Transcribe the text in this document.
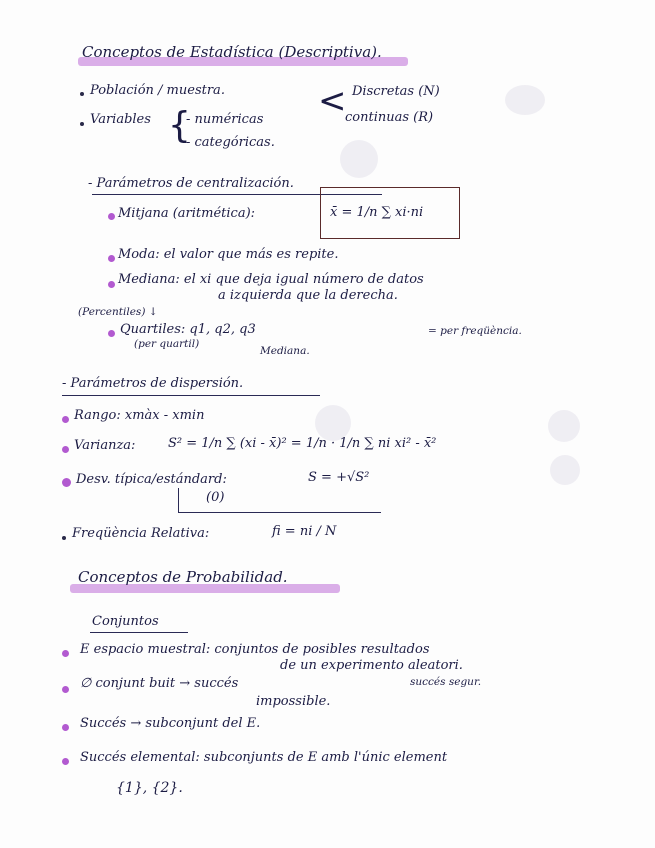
Conceptos de Estadística (Descriptiva).
Población / muestra.
Variables {
- numéricas
- categóricas.
< Discretas (N)
continuas (R)
- Parámetros de centralización.
Mitjana (aritmética):	x̄ = 1/n ∑ xi·ni
Moda: el valor que más es repite.
Mediana: el xi que deja igual número de datos
a izquierda que la derecha.
(Percentiles) ↓
Quartiles: q1, q2, q3
(per quartil)
Mediana.
= per freqüència.
- Parámetros de dispersión.
Rango: xmàx - xmin
Varianza:	S² = 1/n ∑ (xi - x̄)² = 1/n · 1/n ∑ ni xi² - x̄²
Desv. típica/estándard:	S = +√S²
(0)
Freqüència Relativa:	fi = ni / N
Conceptos de Probabilidad.
Conjuntos
E espacio muestral: conjuntos de posibles resultados
de un experimento aleatori.
succés segur.
∅ conjunt buit → succés
impossible.
Succés → subconjunt del E.
Succés elemental: subconjunts de E amb l'únic element
{1}, {2}.
